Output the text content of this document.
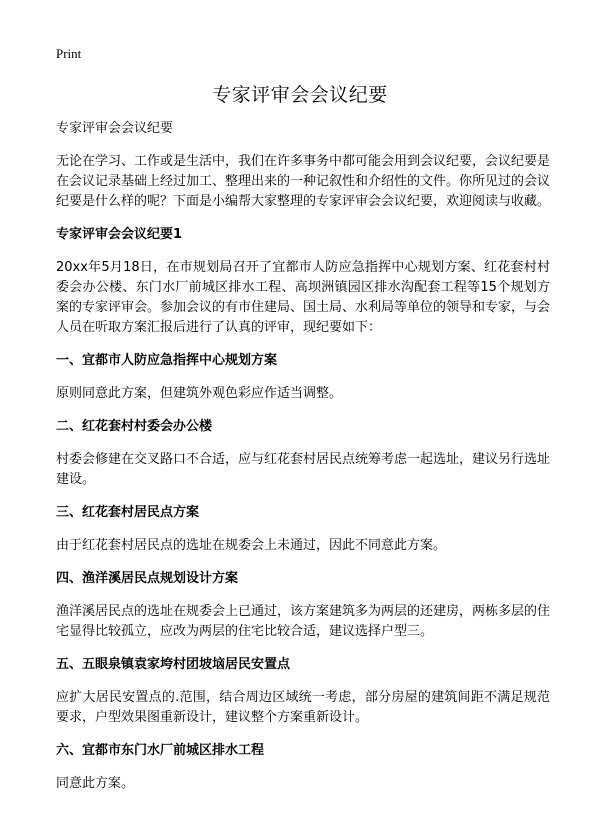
Print
专家评审会会议纪要

专家评审会会议纪要

无论在学习、工作或是生活中，我们在许多事务中都可能会用到会议纪要，会议纪要是在会议记录基础上经过加工、整理出来的一种记叙性和介绍性的文件。你所见过的会议纪要是什么样的呢？下面是小编帮大家整理的专家评审会会议纪要，欢迎阅读与收藏。

专家评审会会议纪要1

20xx年5月18日，在市规划局召开了宜都市人防应急指挥中心规划方案、红花套村村委会办公楼、东门水厂前城区排水工程、高坝洲镇园区排水沟配套工程等15个规划方案的专家评审会。参加会议的有市住建局、国土局、水利局等单位的领导和专家，与会人员在听取方案汇报后进行了认真的评审，现纪要如下：

一、宜都市人防应急指挥中心规划方案

原则同意此方案，但建筑外观色彩应作适当调整。

二、红花套村村委会办公楼

村委会修建在交叉路口不合适，应与红花套村居民点统筹考虑一起选址，建议另行选址建设。

三、红花套村居民点方案

由于红花套村居民点的选址在规委会上未通过，因此不同意此方案。

四、渔洋溪居民点规划设计方案

渔洋溪居民点的选址在规委会上已通过，该方案建筑多为两层的还建房，两栋多层的住宅显得比较孤立，应改为两层的住宅比较合适，建议选择户型三。

五、五眼泉镇袁家垮村团坡垴居民安置点

应扩大居民安置点的.范围，结合周边区域统一考虑，部分房屋的建筑间距不满足规范要求，户型效果图重新设计，建议整个方案重新设计。

六、宜都市东门水厂前城区排水工程

同意此方案。
